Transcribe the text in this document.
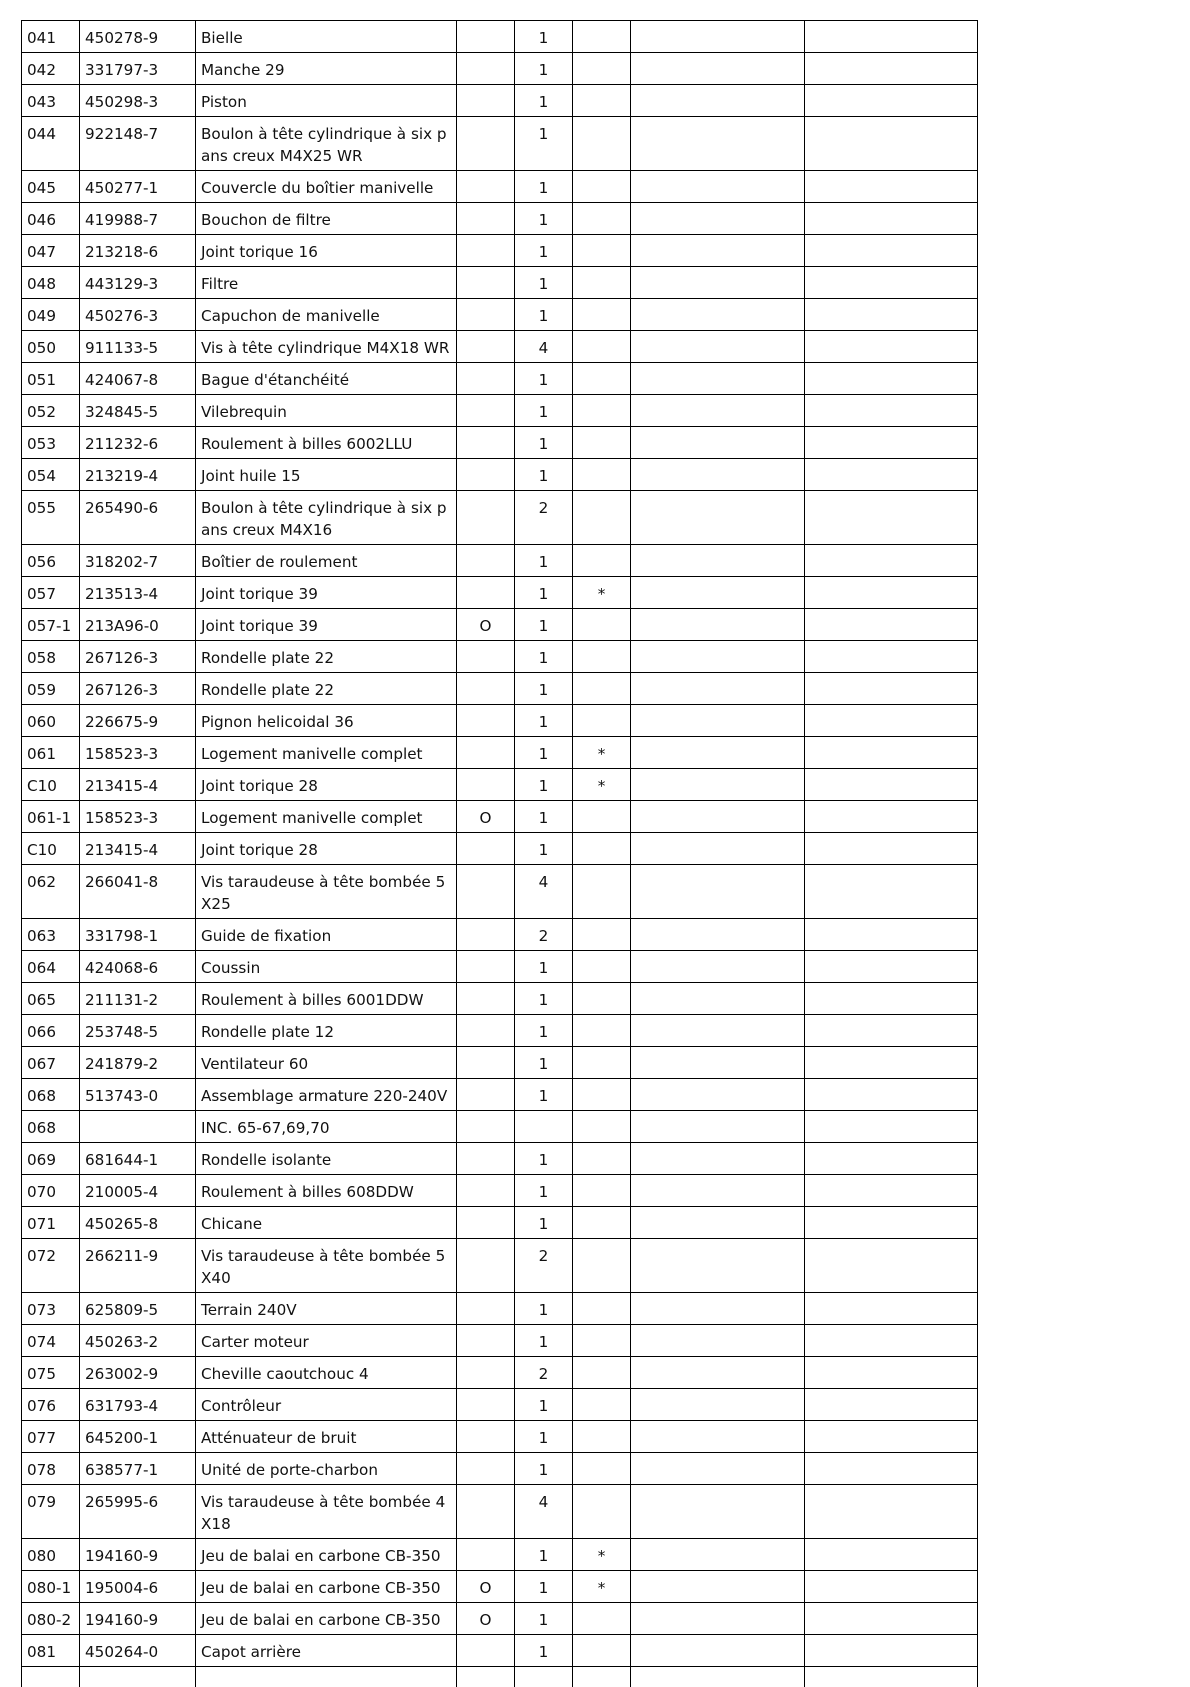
041	450278-9	Bielle		1			
042	331797-3	Manche 29		1			
043	450298-3	Piston		1			
044	922148-7	Boulon à tête cylindrique à six pans creux M4X25 WR		1			
045	450277-1	Couvercle du boîtier manivelle		1			
046	419988-7	Bouchon de filtre		1			
047	213218-6	Joint torique 16		1			
048	443129-3	Filtre		1			
049	450276-3	Capuchon de manivelle		1			
050	911133-5	Vis à tête cylindrique M4X18 WR		4			
051	424067-8	Bague d'étanchéité		1			
052	324845-5	Vilebrequin		1			
053	211232-6	Roulement à billes 6002LLU		1			
054	213219-4	Joint huile 15		1			
055	265490-6	Boulon à tête cylindrique à six pans creux M4X16		2			
056	318202-7	Boîtier de roulement		1			
057	213513-4	Joint torique 39		1	*		
057-1	213A96-0	Joint torique 39	O	1			
058	267126-3	Rondelle plate 22		1			
059	267126-3	Rondelle plate 22		1			
060	226675-9	Pignon helicoidal 36		1			
061	158523-3	Logement manivelle complet		1	*		
C10	213415-4	Joint torique 28		1	*		
061-1	158523-3	Logement manivelle complet	O	1			
C10	213415-4	Joint torique 28		1			
062	266041-8	Vis taraudeuse à tête bombée 5X25		4			
063	331798-1	Guide de fixation		2			
064	424068-6	Coussin		1			
065	211131-2	Roulement à billes 6001DDW		1			
066	253748-5	Rondelle plate 12		1			
067	241879-2	Ventilateur 60		1			
068	513743-0	Assemblage armature 220-240V		1			
068		INC. 65-67,69,70					
069	681644-1	Rondelle isolante		1			
070	210005-4	Roulement à billes 608DDW		1			
071	450265-8	Chicane		1			
072	266211-9	Vis taraudeuse à tête bombée 5X40		2			
073	625809-5	Terrain 240V		1			
074	450263-2	Carter moteur		1			
075	263002-9	Cheville caoutchouc 4		2			
076	631793-4	Contrôleur		1			
077	645200-1	Atténuateur de bruit		1			
078	638577-1	Unité de porte-charbon		1			
079	265995-6	Vis taraudeuse à tête bombée 4X18		4			
080	194160-9	Jeu de balai en carbone CB-350		1	*		
080-1	195004-6	Jeu de balai en carbone CB-350	O	1	*		
080-2	194160-9	Jeu de balai en carbone CB-350	O	1			
081	450264-0	Capot arrière		1			
